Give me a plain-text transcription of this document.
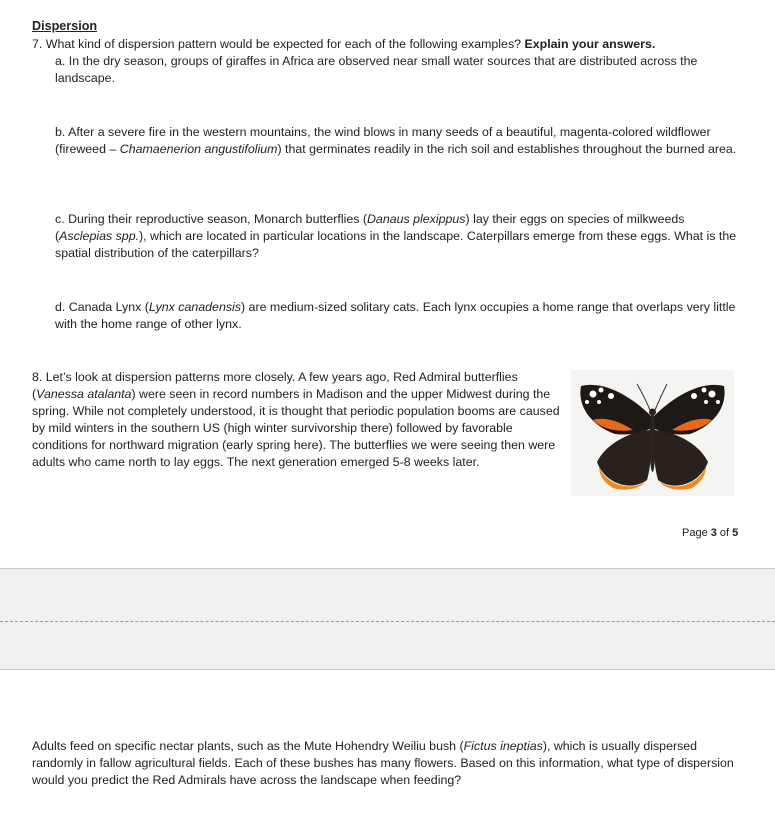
Dispersion
7. What kind of dispersion pattern would be expected for each of the following examples? Explain your answers.
a. In the dry season, groups of giraffes in Africa are observed near small water sources that are distributed across the landscape.
b. After a severe fire in the western mountains, the wind blows in many seeds of a beautiful, magenta-colored wildflower (fireweed – Chamaenerion angustifolium) that germinates readily in the rich soil and establishes throughout the burned area.
c. During their reproductive season, Monarch butterflies (Danaus plexippus) lay their eggs on species of milkweeds (Asclepias spp.), which are located in particular locations in the landscape. Caterpillars emerge from these eggs. What is the spatial distribution of the caterpillars?
d. Canada Lynx (Lynx canadensis) are medium-sized solitary cats. Each lynx occupies a home range that overlaps very little with the home range of other lynx.
8. Let’s look at dispersion patterns more closely. A few years ago, Red Admiral butterflies (Vanessa atalanta) were seen in record numbers in Madison and the upper Midwest during the spring. While not completely understood, it is thought that periodic population booms are caused by mild winters in the southern US (high winter survivorship there) followed by favorable conditions for northward migration (early spring here). The butterflies we were seeing then were adults who came north to lay eggs. The next generation emerged 5-8 weeks later.
Page 3 of 5
Adults feed on specific nectar plants, such as the Mute Hohendry Weiliu bush (Fictus ineptias), which is usually dispersed randomly in fallow agricultural fields. Each of these bushes has many flowers. Based on this information, what type of dispersion would you predict the Red Admirals have across the landscape when feeding?
